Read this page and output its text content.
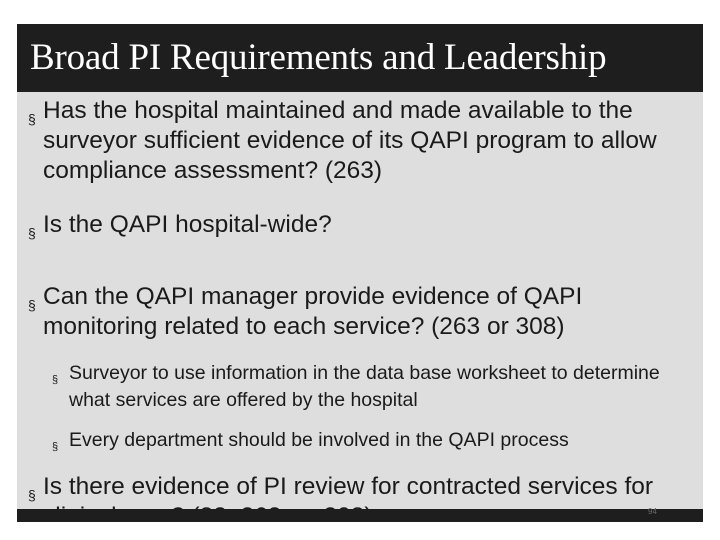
Broad PI Requirements and Leadership
§ Has the hospital maintained and made available to the surveyor sufficient evidence of its QAPI program to allow compliance assessment? (263)
§ Is the QAPI hospital-wide?
§ Can the QAPI manager provide evidence of QAPI monitoring related to each service? (263 or 308)
§ Surveyor to use information in the data base worksheet to determine what services are offered by the hospital
§ Every department should be involved in the QAPI process
§ Is there evidence of PI review for contracted services for
94
